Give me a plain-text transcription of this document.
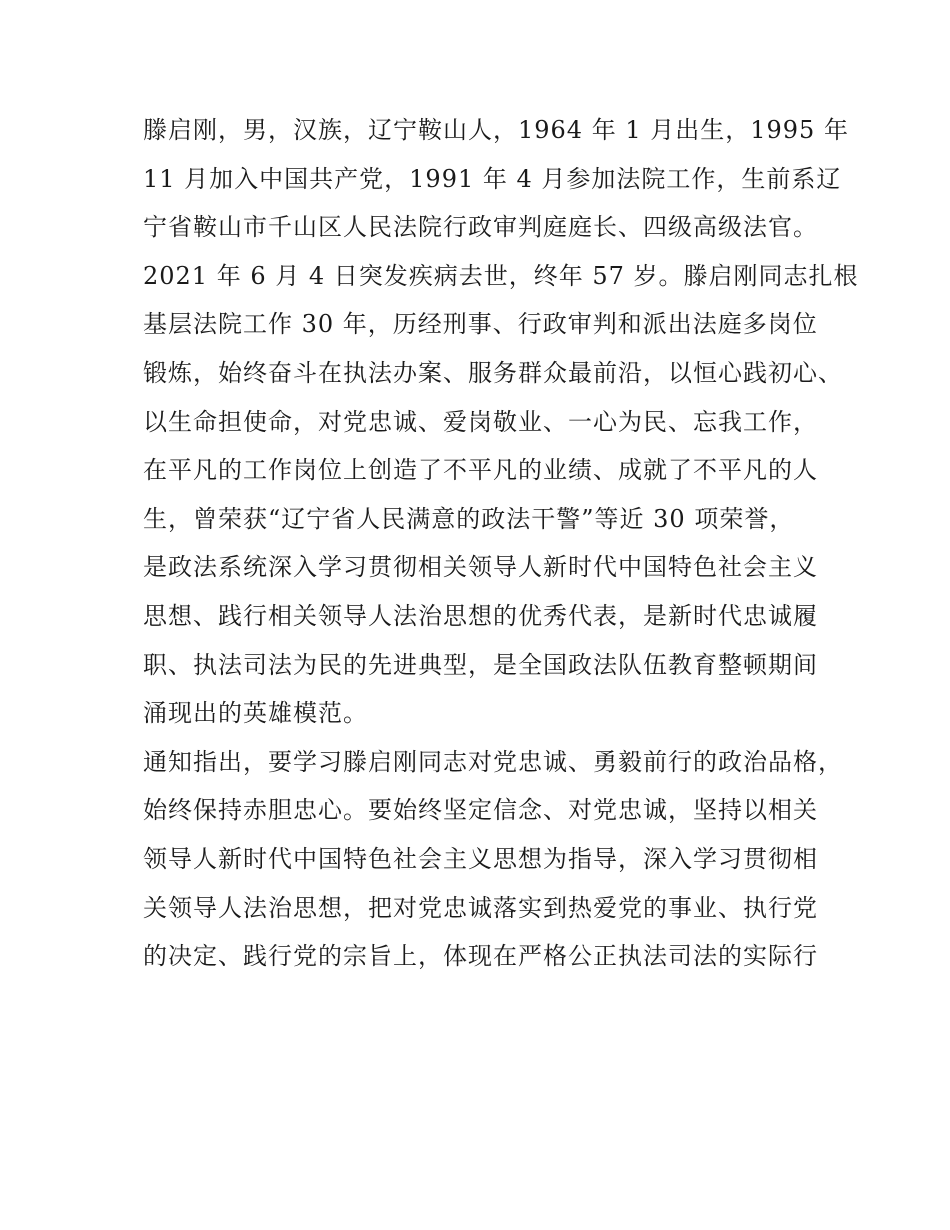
滕启刚，男，汉族，辽宁鞍山人，1964 年 1 月出生，1995 年
11 月加入中国共产党，1991 年 4 月参加法院工作，生前系辽
宁省鞍山市千山区人民法院行政审判庭庭长、四级高级法官。
2021 年 6 月 4 日突发疾病去世，终年 57 岁。滕启刚同志扎根
基层法院工作 30 年，历经刑事、行政审判和派出法庭多岗位
锻炼，始终奋斗在执法办案、服务群众最前沿，以恒心践初心、
以生命担使命，对党忠诚、爱岗敬业、一心为民、忘我工作，
在平凡的工作岗位上创造了不平凡的业绩、成就了不平凡的人
生，曾荣获“辽宁省人民满意的政法干警”等近 30 项荣誉，
是政法系统深入学习贯彻相关领导人新时代中国特色社会主义
思想、践行相关领导人法治思想的优秀代表，是新时代忠诚履
职、执法司法为民的先进典型，是全国政法队伍教育整顿期间
涌现出的英雄模范。
通知指出，要学习滕启刚同志对党忠诚、勇毅前行的政治品格，
始终保持赤胆忠心。要始终坚定信念、对党忠诚，坚持以相关
领导人新时代中国特色社会主义思想为指导，深入学习贯彻相
关领导人法治思想，把对党忠诚落实到热爱党的事业、执行党
的决定、践行党的宗旨上，体现在严格公正执法司法的实际行
